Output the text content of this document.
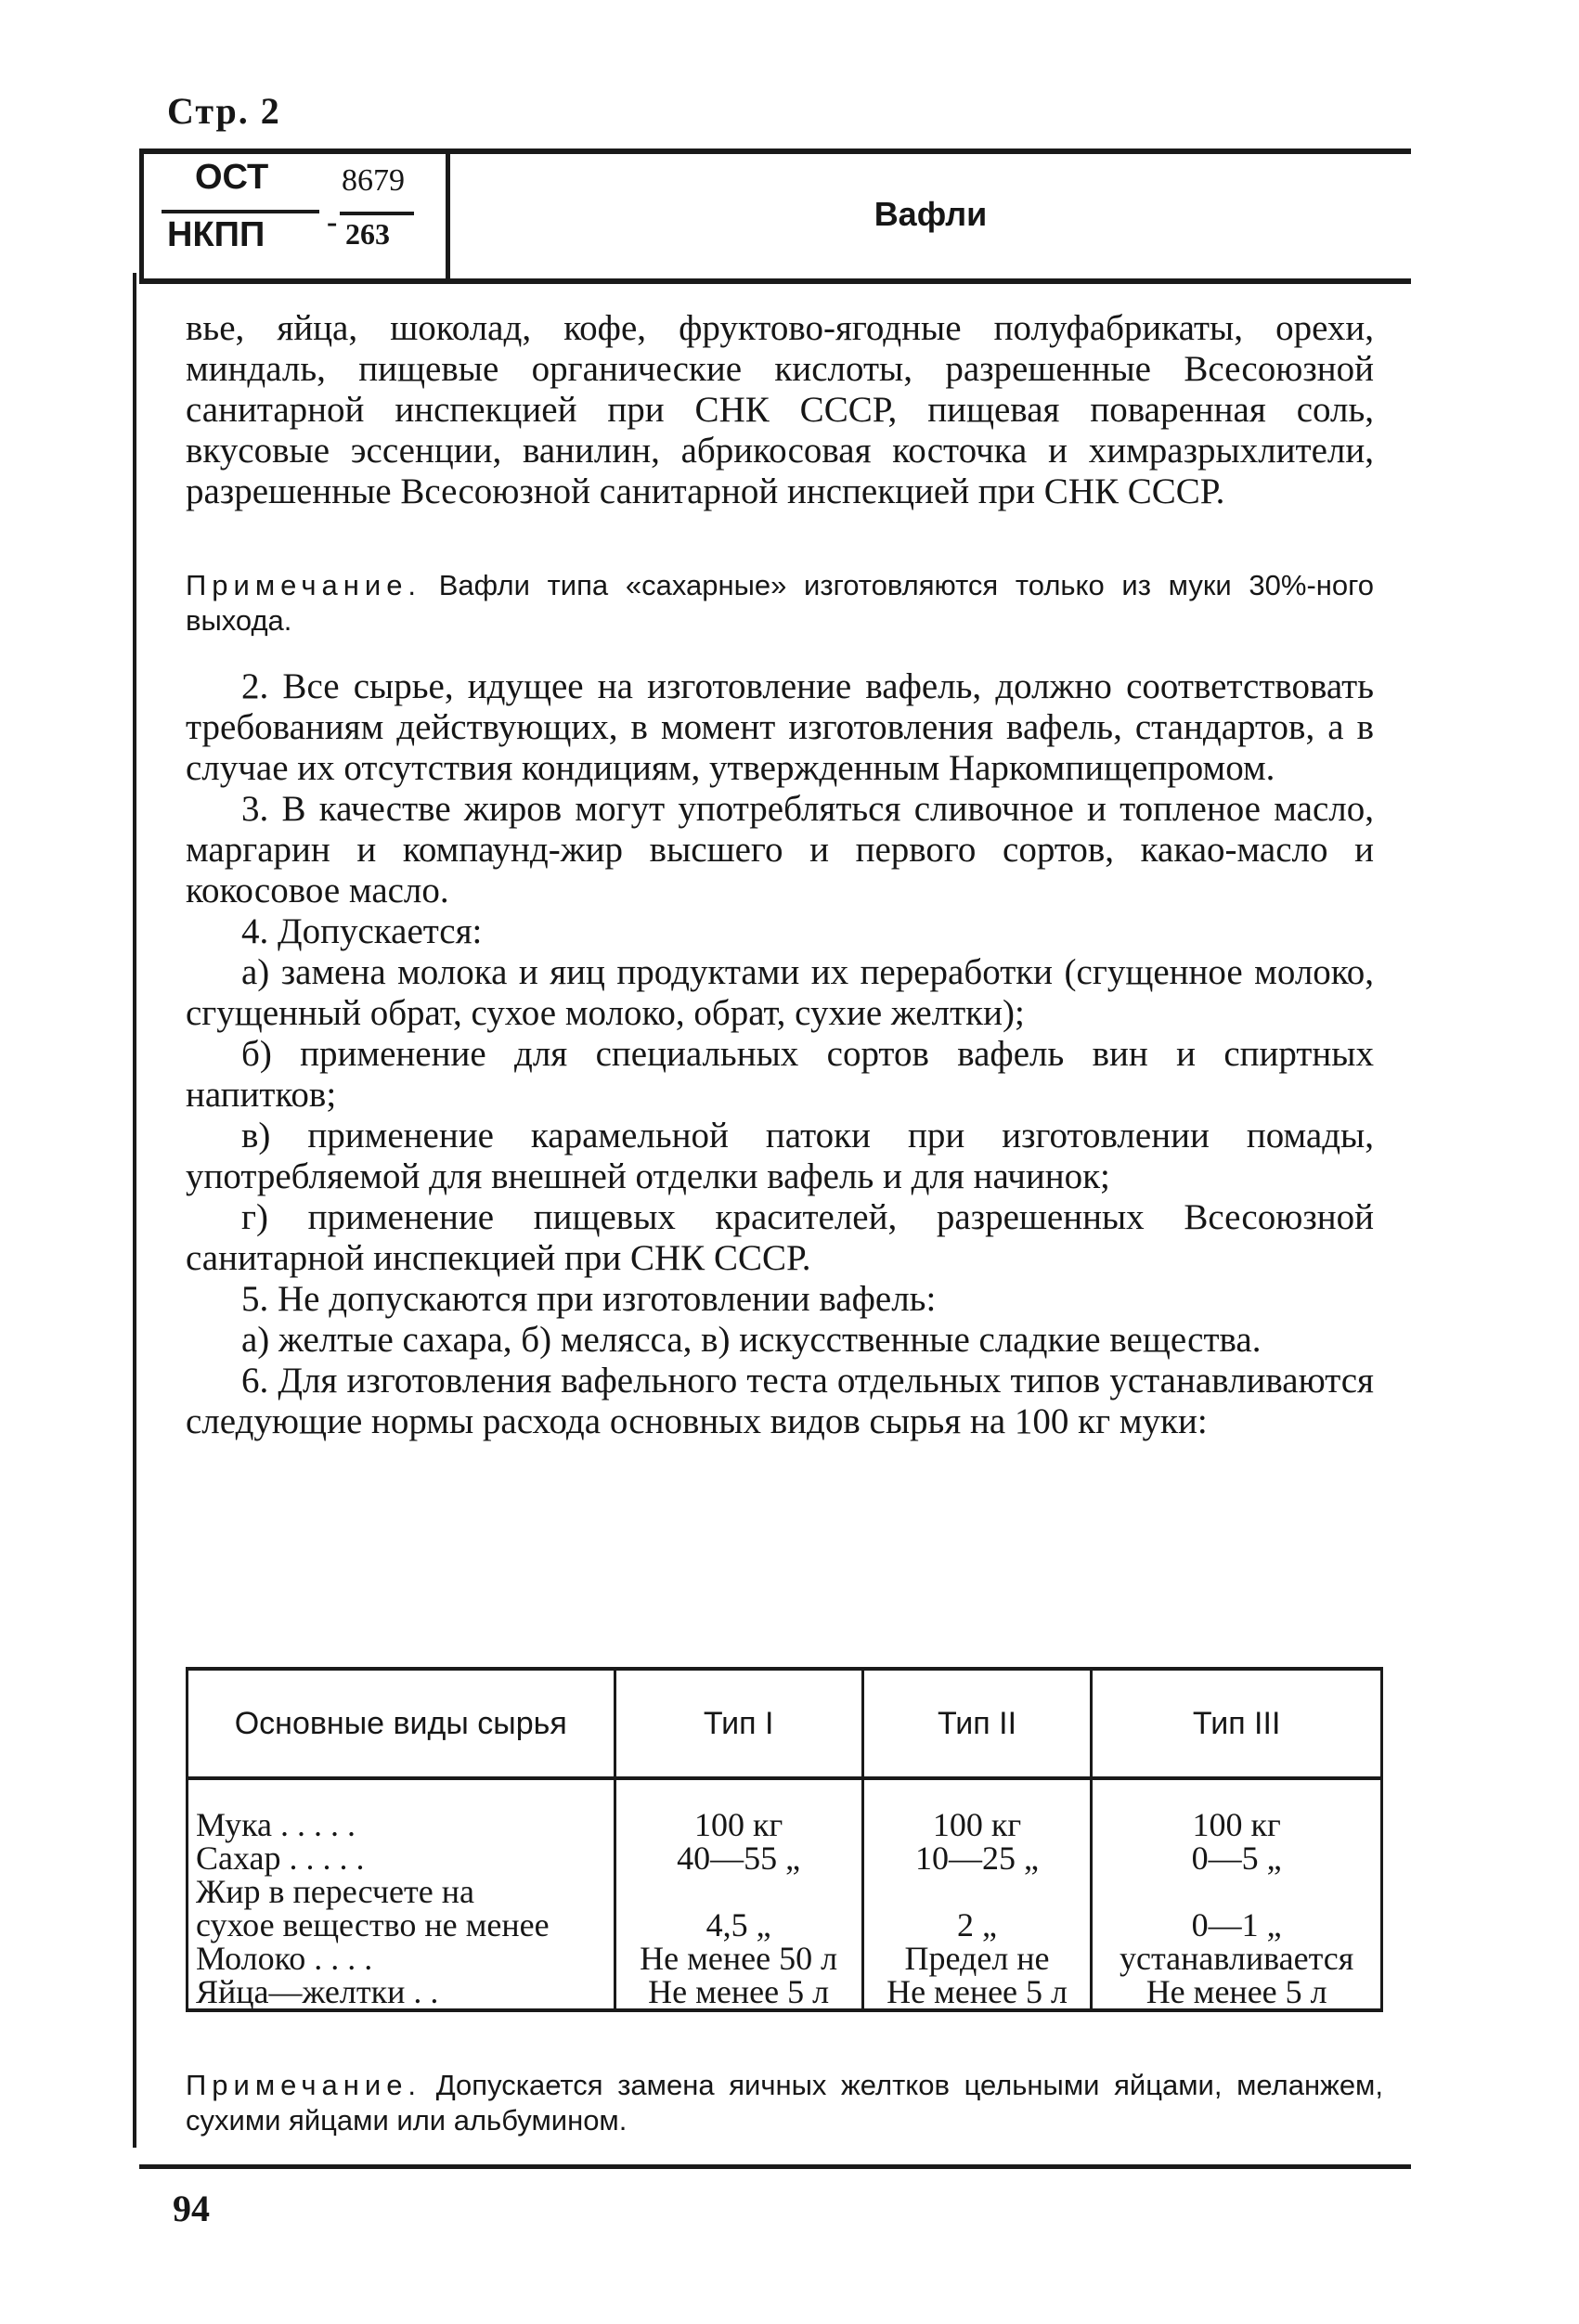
Стр. 2
ОСТ
НКПП -
8679
263
Вафли

вье, яйца, шоколад, кофе, фруктово-ягодные полуфабрикаты, орехи, миндаль, пищевые органические кислоты, разрешенные Всесоюзной санитарной инспекцией при СНК СССР, пищевая поваренная соль, вкусовые эссенции, ванилин, абрикосовая косточка и химразрыхлители, разрешенные Всесоюзной санитарной инспекцией при СНК СССР.

Примечание. Вафли типа «сахарные» изготовляются только из муки 30%-ного выхода.

2. Все сырье, идущее на изготовление вафель, должно соответствовать требованиям действующих, в момент изготовления вафель, стандартов, а в случае их отсутствия кондициям, утвержденным Наркомпищепромом.

3. В качестве жиров могут употребляться сливочное и топленое масло, маргарин и компаунд-жир высшего и первого сортов, какао-масло и кокосовое масло.

4. Допускается:

а) замена молока и яиц продуктами их переработки (сгущенное молоко, сгущенный обрат, сухое молоко, обрат, сухие желтки);

б) применение для специальных сортов вафель вин и спиртных напитков;

в) применение карамельной патоки при изготовлении помады, употребляемой для внешней отделки вафель и для начинок;

г) применение пищевых красителей, разрешенных Всесоюзной санитарной инспекцией при СНК СССР.

5. Не допускаются при изготовлении вафель:

а) желтые сахара, б) мелясса, в) искусственные сладкие вещества.

6. Для изготовления вафельного теста отдельных типов устанавливаются следующие нормы расхода основных видов сырья на 100 кг муки:

Основные виды сырья	Тип I	Тип II	Тип III
Мука . . . . .	100 кг	100 кг	100 кг
Сахар . . . . .	40—55 „	10—25 „	0—5 „
Жир в пересчете на			
сухое вещество не менее	4,5 „	2 „	0—1 „
Молоко . . . .	Не менее 50 л	Предел не	устанавливается
Яйца—желтки . .	Не менее 5 л	Не менее 5 л	Не менее 5 л
Примечание. Допускается замена яичных желтков цельными яйцами, меланжем, сухими яйцами или альбумином.
94
